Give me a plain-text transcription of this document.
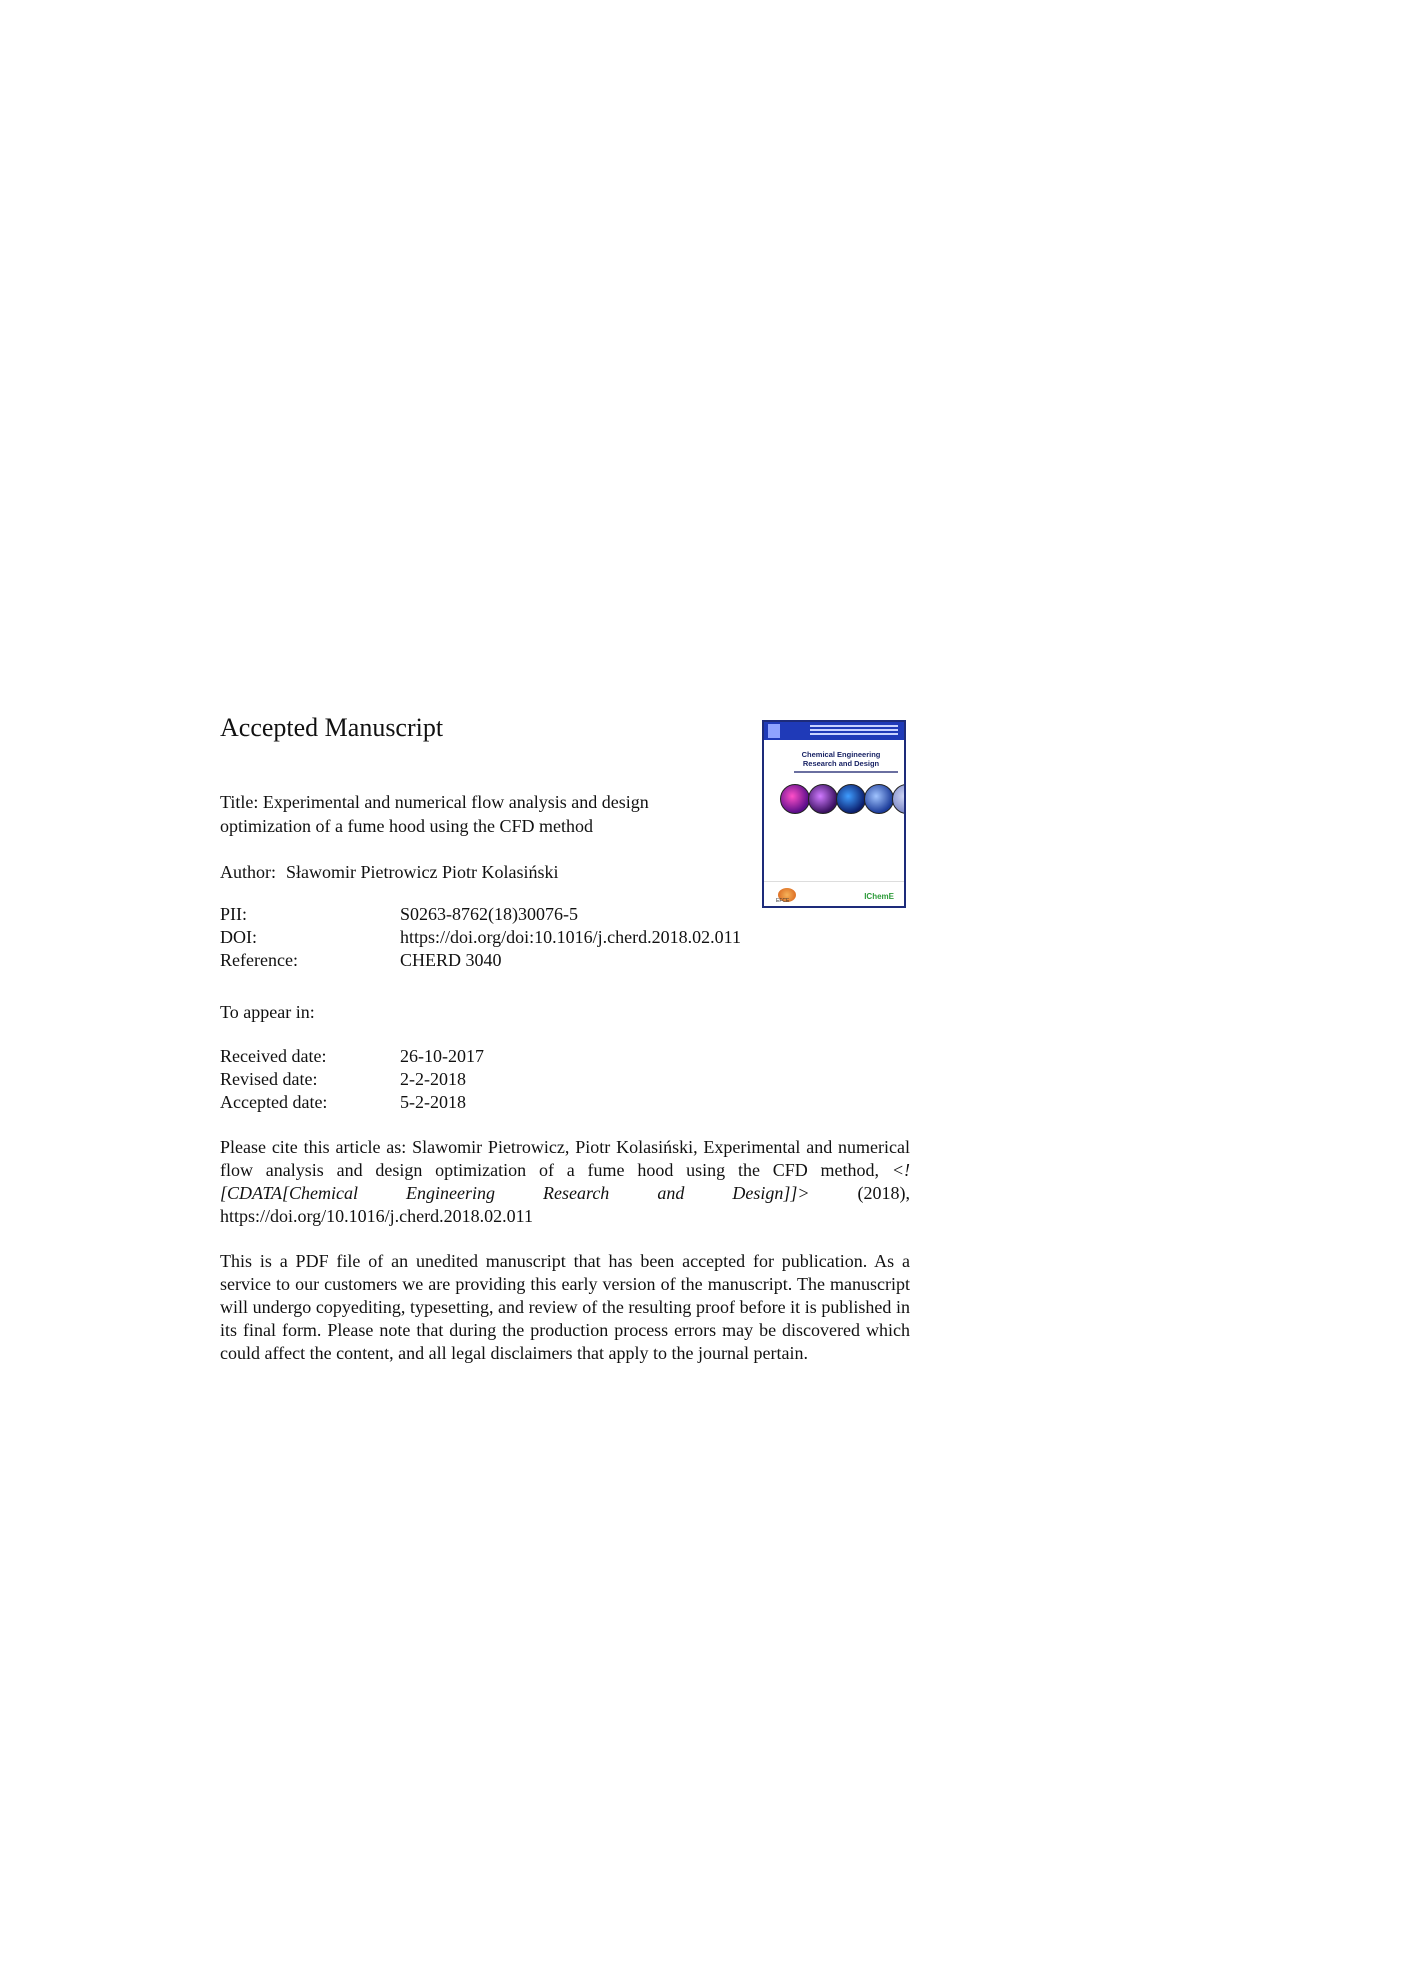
Accepted Manuscript
Title: Experimental and numerical flow analysis and design optimization of a fume hood using the CFD method
Author: Sławomir Pietrowicz Piotr Kolasiński
PII:	S0263-8762(18)30076-5
DOI:	https://doi.org/doi:10.1016/j.cherd.2018.02.011
Reference:	CHERD 3040
To appear in:
Received date:	26-10-2017
Revised date:	2-2-2018
Accepted date:	5-2-2018
Please cite this article as: Slawomir Pietrowicz, Piotr Kolasiński, Experimental and numerical flow analysis and design optimization of a fume hood using the CFD method, <![CDATA[Chemical Engineering Research and Design]]> (2018), https://doi.org/10.1016/j.cherd.2018.02.011
This is a PDF file of an unedited manuscript that has been accepted for publication. As a service to our customers we are providing this early version of the manuscript. The manuscript will undergo copyediting, typesetting, and review of the resulting proof before it is published in its final form. Please note that during the production process errors may be discovered which could affect the content, and all legal disclaimers that apply to the journal pertain.
Chemical Engineering
Research and Design
EFCE	IChemE
